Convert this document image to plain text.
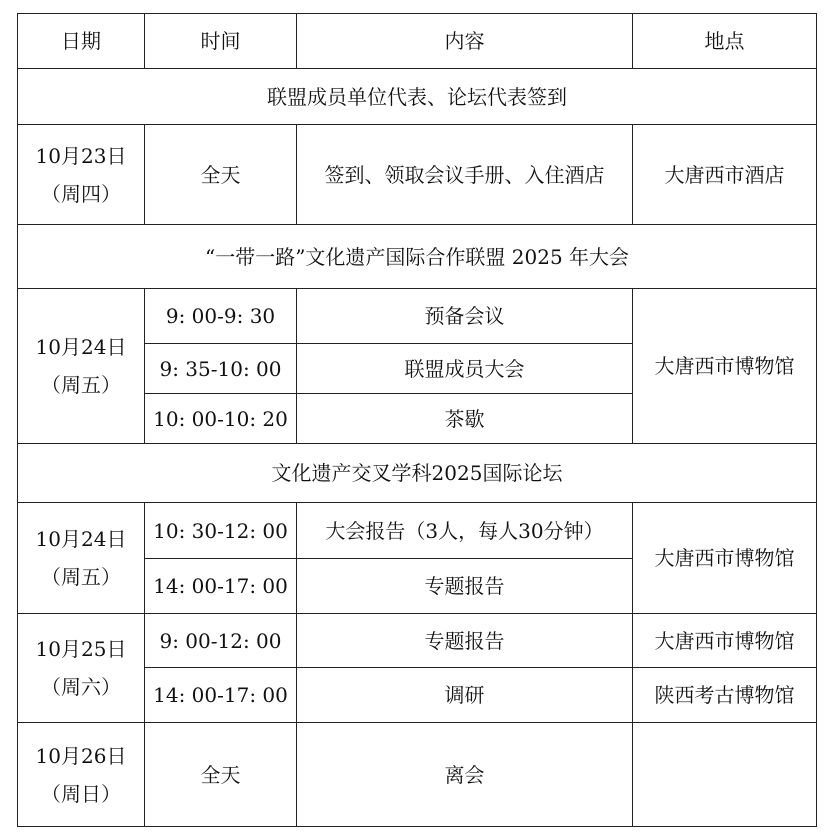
日期	时间	内容	地点
联盟成员单位代表、论坛代表签到			

10月23日
（周四）	全天	签到、领取会议手册、入住酒店	大唐西市酒店
“一带一路”文化遗产国际合作联盟 2025 年大会			

10月24日
（周五）	9: 00-9: 30	预备会议	大唐西市博物馆
	9: 35-10: 00	联盟成员大会	
	10: 00-10: 20	茶歇	
文化遗产交叉学科2025国际论坛			

10月24日
（周五）	10: 30-12: 00	大会报告（3人，每人30分钟）	大唐西市博物馆
	14: 00-17: 00	专题报告	

10月25日
（周六）	9: 00-12: 00	专题报告	大唐西市博物馆
	14: 00-17: 00	调研	陕西考古博物馆

10月26日
（周日）	全天	离会	
